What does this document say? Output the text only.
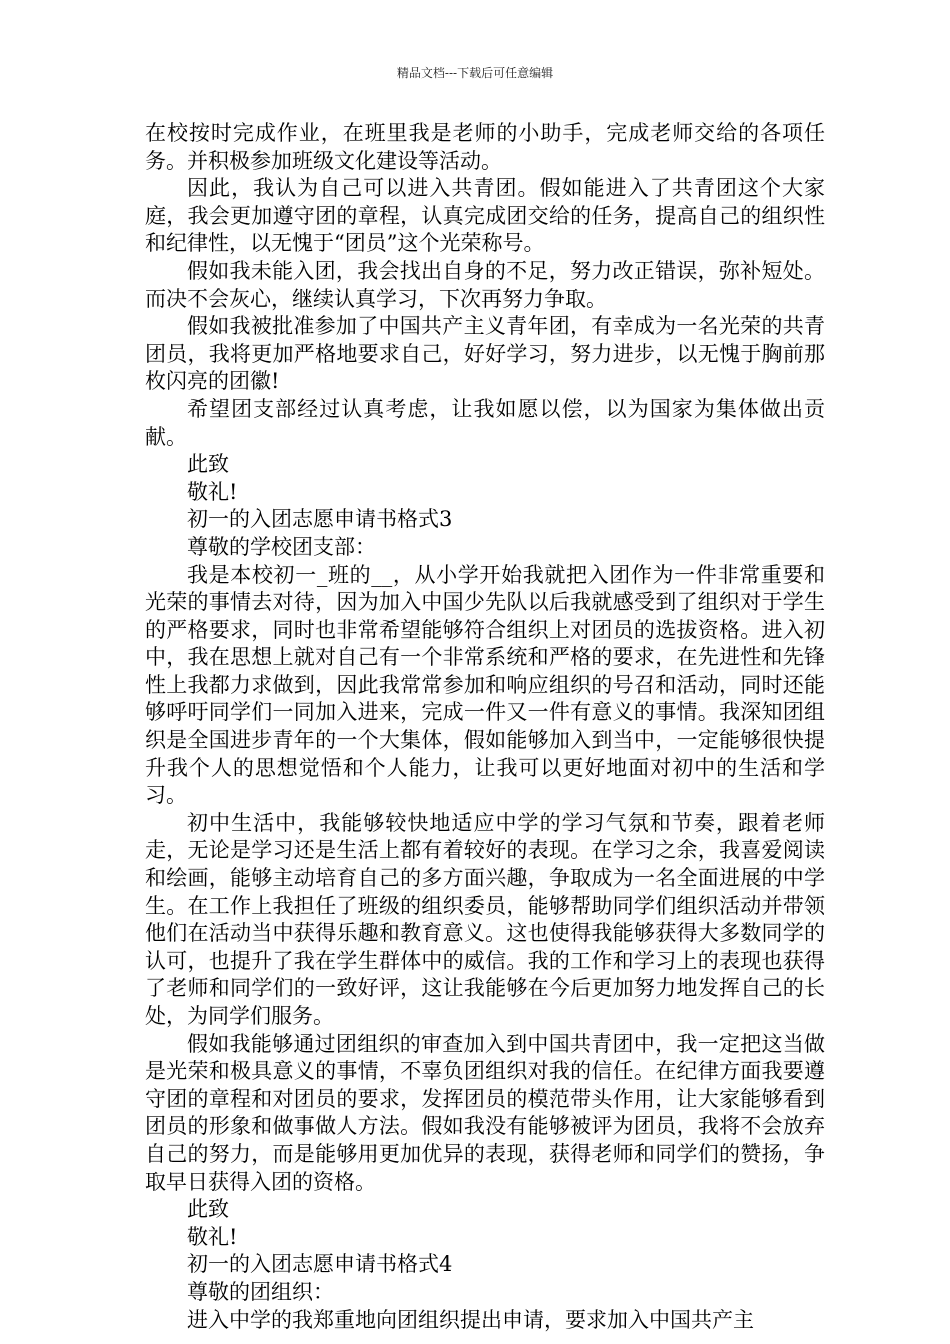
精品文档---下载后可任意编辑

在校按时完成作业，在班里我是老师的小助手，完成老师交给的各项任务。并积极参加班级文化建设等活动。

因此，我认为自己可以进入共青团。假如能进入了共青团这个大家庭，我会更加遵守团的章程，认真完成团交给的任务，提高自己的组织性和纪律性，以无愧于“团员”这个光荣称号。

假如我未能入团，我会找出自身的不足，努力改正错误，弥补短处。而决不会灰心，继续认真学习，下次再努力争取。

假如我被批准参加了中国共产主义青年团，有幸成为一名光荣的共青团员，我将更加严格地要求自己，好好学习，努力进步，以无愧于胸前那枚闪亮的团徽!

希望团支部经过认真考虑，让我如愿以偿，以为国家为集体做出贡献。

此致

敬礼!

初一的入团志愿申请书格式3

尊敬的学校团支部：

我是本校初一_班的__，从小学开始我就把入团作为一件非常重要和光荣的事情去对待，因为加入中国少先队以后我就感受到了组织对于学生的严格要求，同时也非常希望能够符合组织上对团员的选拔资格。进入初中，我在思想上就对自己有一个非常系统和严格的要求，在先进性和先锋性上我都力求做到，因此我常常参加和响应组织的号召和活动，同时还能够呼吁同学们一同加入进来，完成一件又一件有意义的事情。我深知团组织是全国进步青年的一个大集体，假如能够加入到当中，一定能够很快提升我个人的思想觉悟和个人能力，让我可以更好地面对初中的生活和学习。

初中生活中，我能够较快地适应中学的学习气氛和节奏，跟着老师走，无论是学习还是生活上都有着较好的表现。在学习之余，我喜爱阅读和绘画，能够主动培育自己的多方面兴趣，争取成为一名全面进展的中学生。在工作上我担任了班级的组织委员，能够帮助同学们组织活动并带领他们在活动当中获得乐趣和教育意义。这也使得我能够获得大多数同学的认可，也提升了我在学生群体中的威信。我的工作和学习上的表现也获得了老师和同学们的一致好评，这让我能够在今后更加努力地发挥自己的长处，为同学们服务。

假如我能够通过团组织的审查加入到中国共青团中，我一定把这当做是光荣和极具意义的事情，不辜负团组织对我的信任。在纪律方面我要遵守团的章程和对团员的要求，发挥团员的模范带头作用，让大家能够看到团员的形象和做事做人方法。假如我没有能够被评为团员，我将不会放弃自己的努力，而是能够用更加优异的表现，获得老师和同学们的赞扬，争取早日获得入团的资格。

此致

敬礼!

初一的入团志愿申请书格式4

尊敬的团组织：

进入中学的我郑重地向团组织提出申请，要求加入中国共产主
